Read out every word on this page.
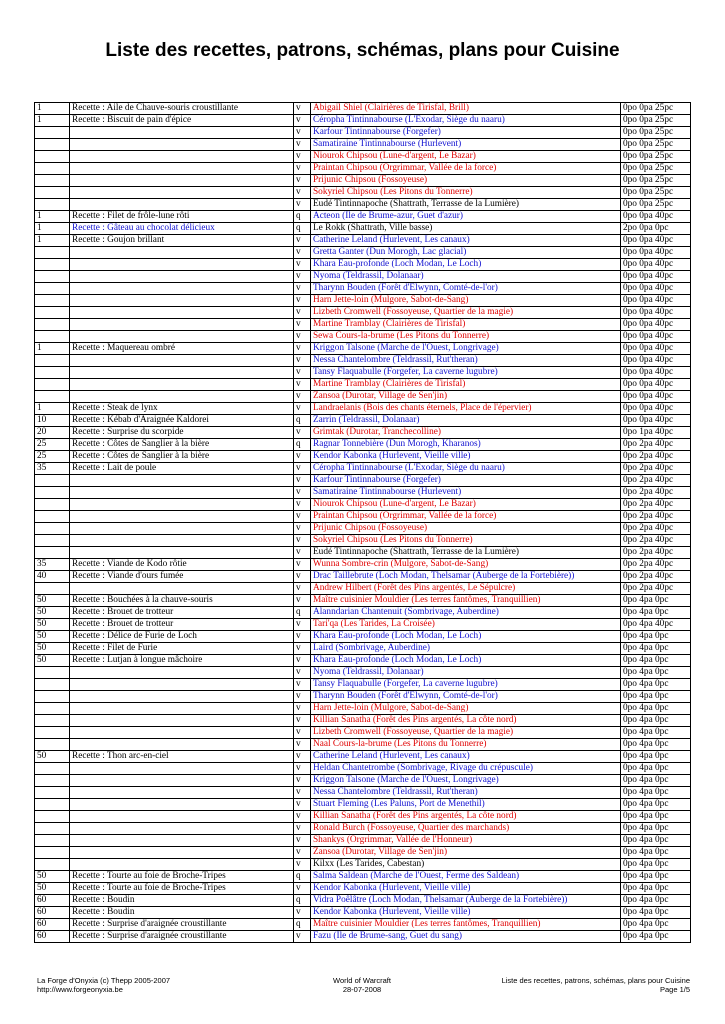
Liste des recettes, patrons, schémas, plans pour Cuisine
1	Recette : Aile de Chauve-souris croustillante	v	Abigail Shiel (Clairières de Tirisfal, Brill)	0po 0pa 25pc
1	Recette : Biscuit de pain d'épice	v	Céropha Tintinnabourse (L'Exodar, Siège du naaru)	0po 0pa 25pc
		v	Karfour Tintinnabourse (Forgefer)	0po 0pa 25pc
		v	Samatiraine Tintinnabourse (Hurlevent)	0po 0pa 25pc
		v	Niourok Chipsou (Lune-d'argent, Le Bazar)	0po 0pa 25pc
		v	Praintan Chipsou (Orgrimmar, Vallée de la force)	0po 0pa 25pc
		v	Prijunic Chipsou (Fossoyeuse)	0po 0pa 25pc
		v	Sokyriel Chipsou (Les Pitons du Tonnerre)	0po 0pa 25pc
		v	Eudé Tintinnapoche (Shattrath, Terrasse de la Lumière)	0po 0pa 25pc
1	Recette : Filet de frôle-lune rôti	q	Acteon (Ile de Brume-azur, Guet d'azur)	0po 0pa 40pc
1	Recette : Gâteau au chocolat délicieux	q	Le Rokk (Shattrath, Ville basse)	2po 0pa 0pc
1	Recette : Goujon brillant	v	Catherine Leland (Hurlevent, Les canaux)	0po 0pa 40pc
		v	Gretta Ganter (Dun Morogh, Lac glacial)	0po 0pa 40pc
		v	Khara Eau-profonde (Loch Modan, Le Loch)	0po 0pa 40pc
		v	Nyoma (Teldrassil, Dolanaar)	0po 0pa 40pc
		v	Tharynn Bouden (Forêt d'Elwynn, Comté-de-l'or)	0po 0pa 40pc
		v	Harn Jette-loin (Mulgore, Sabot-de-Sang)	0po 0pa 40pc
		v	Lizbeth Cromwell (Fossoyeuse, Quartier de la magie)	0po 0pa 40pc
		v	Martine Tramblay (Clairières de Tirisfal)	0po 0pa 40pc
		v	Sewa Cours-la-brume (Les Pitons du Tonnerre)	0po 0pa 40pc
1	Recette : Maquereau ombré	v	Kriggon Talsone (Marche de l'Ouest, Longrivage)	0po 0pa 40pc
		v	Nessa Chantelombre (Teldrassil, Rut'theran)	0po 0pa 40pc
		v	Tansy Flaquabulle (Forgefer, La caverne lugubre)	0po 0pa 40pc
		v	Martine Tramblay (Clairières de Tirisfal)	0po 0pa 40pc
		v	Zansoa (Durotar, Village de Sen'jin)	0po 0pa 40pc
1	Recette : Steak de lynx	v	Landraelanis (Bois des chants éternels, Place de l'épervier)	0po 0pa 40pc
10	Recette : Kébab d'Araignée Kaldorei	q	Zarrin (Teldrassil, Dolanaar)	0po 0pa 40pc
20	Recette : Surprise du scorpide	v	Grimtak (Durotar, Tranchecolline)	0po 1pa 40pc
25	Recette : Côtes de Sanglier à la bière	q	Ragnar Tonnebière (Dun Morogh, Kharanos)	0po 2pa 40pc
25	Recette : Côtes de Sanglier à la bière	v	Kendor Kabonka (Hurlevent, Vieille ville)	0po 2pa 40pc
35	Recette : Lait de poule	v	Céropha Tintinnabourse (L'Exodar, Siège du naaru)	0po 2pa 40pc
		v	Karfour Tintinnabourse (Forgefer)	0po 2pa 40pc
		v	Samatiraine Tintinnabourse (Hurlevent)	0po 2pa 40pc
		v	Niourok Chipsou (Lune-d'argent, Le Bazar)	0po 2pa 40pc
		v	Praintan Chipsou (Orgrimmar, Vallée de la force)	0po 2pa 40pc
		v	Prijunic Chipsou (Fossoyeuse)	0po 2pa 40pc
		v	Sokyriel Chipsou (Les Pitons du Tonnerre)	0po 2pa 40pc
		v	Eudé Tintinnapoche (Shattrath, Terrasse de la Lumière)	0po 2pa 40pc
35	Recette : Viande de Kodo rôtie	v	Wunna Sombre-crin (Mulgore, Sabot-de-Sang)	0po 2pa 40pc
40	Recette : Viande d'ours fumée	v	Drac Taillebrute (Loch Modan, Thelsamar (Auberge de la Fortebière))	0po 2pa 40pc
		v	Andrew Hilbert (Forêt des Pins argentés, Le Sépulcre)	0po 2pa 40pc
50	Recette : Bouchées à la chauve-souris	v	Maître cuisinier Mouldier (Les terres fantômes, Tranquillien)	0po 4pa 0pc
50	Recette : Brouet de trotteur	q	Alanndarian Chantenuit (Sombrivage, Auberdine)	0po 4pa 0pc
50	Recette : Brouet de trotteur	v	Tari'qa (Les Tarides, La Croisée)	0po 4pa 40pc
50	Recette : Délice de Furie de Loch	v	Khara Eau-profonde (Loch Modan, Le Loch)	0po 4pa 0pc
50	Recette : Filet de Furie	v	Laird (Sombrivage, Auberdine)	0po 4pa 0pc
50	Recette : Lutjan à longue mâchoire	v	Khara Eau-profonde (Loch Modan, Le Loch)	0po 4pa 0pc
		v	Nyoma (Teldrassil, Dolanaar)	0po 4pa 0pc
		v	Tansy Flaquabulle (Forgefer, La caverne lugubre)	0po 4pa 0pc
		v	Tharynn Bouden (Forêt d'Elwynn, Comté-de-l'or)	0po 4pa 0pc
		v	Harn Jette-loin (Mulgore, Sabot-de-Sang)	0po 4pa 0pc
		v	Killian Sanatha (Forêt des Pins argentés, La côte nord)	0po 4pa 0pc
		v	Lizbeth Cromwell (Fossoyeuse, Quartier de la magie)	0po 4pa 0pc
		v	Naal Cours-la-brume (Les Pitons du Tonnerre)	0po 4pa 0pc
50	Recette : Thon arc-en-ciel	v	Catherine Leland (Hurlevent, Les canaux)	0po 4pa 0pc
		v	Heldan Chantetrombe (Sombrivage, Rivage du crépuscule)	0po 4pa 0pc
		v	Kriggon Talsone (Marche de l'Ouest, Longrivage)	0po 4pa 0pc
		v	Nessa Chantelombre (Teldrassil, Rut'theran)	0po 4pa 0pc
		v	Stuart Fleming (Les Paluns, Port de Menethil)	0po 4pa 0pc
		v	Killian Sanatha (Forêt des Pins argentés, La côte nord)	0po 4pa 0pc
		v	Ronald Burch (Fossoyeuse, Quartier des marchands)	0po 4pa 0pc
		v	Shankys (Orgrimmar, Vallée de l'Honneur)	0po 4pa 0pc
		v	Zansoa (Durotar, Village de Sen'jin)	0po 4pa 0pc
		v	Kilxx (Les Tarides, Cabestan)	0po 4pa 0pc
50	Recette : Tourte au foie de Broche-Tripes	q	Salma Saldean (Marche de l'Ouest, Ferme des Saldean)	0po 4pa 0pc
50	Recette : Tourte au foie de Broche-Tripes	v	Kendor Kabonka (Hurlevent, Vieille ville)	0po 4pa 0pc
60	Recette : Boudin	q	Vidra Poêlâtre (Loch Modan, Thelsamar (Auberge de la Fortebière))	0po 4pa 0pc
60	Recette : Boudin	v	Kendor Kabonka (Hurlevent, Vieille ville)	0po 4pa 0pc
60	Recette : Surprise d'araignée croustillante	q	Maître cuisinier Mouldier (Les terres fantômes, Tranquillien)	0po 4pa 0pc
60	Recette : Surprise d'araignée croustillante	v	Fazu (Ile de Brume-sang, Guet du sang)	0po 4pa 0pc
La Forge d'Onyxia (c) Thepp 2005-2007
http://www.forgeonyxia.be
World of Warcraft
28-07-2008
Liste des recettes, patrons, schémas, plans pour Cuisine
Page 1/5
